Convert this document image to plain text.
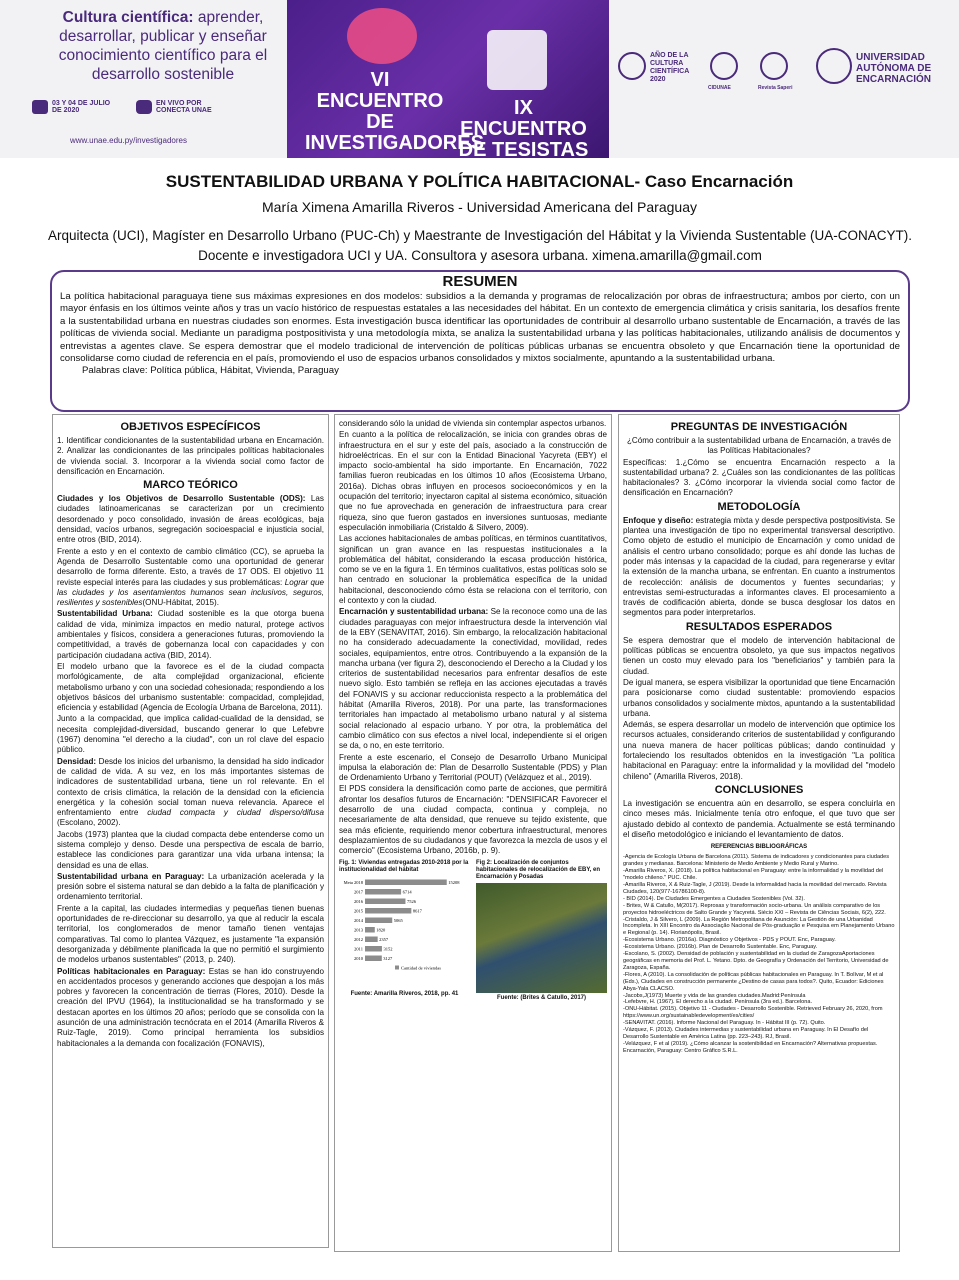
Cultura científica: aprender, desarrollar, publicar y enseñar conocimiento científico para el desarrollo sostenible
03 Y 04 DE JULIO DE 2020
EN VIVO POR CONECTA UNAE
www.unae.edu.py/investigadores
VI ENCUENTRO DE INVESTIGADORES
IX ENCUENTRO DE TESISTAS
AÑO DE LA CULTURA CIENTÍFICA 2020
CIDUNAE	Revista Saperi
UNIVERSIDAD AUTÓNOMA DE ENCARNACIÓN
SUSTENTABILIDAD URBANA Y POLÍTICA HABITACIONAL- Caso Encarnación
María Ximena Amarilla Riveros - Universidad Americana del Paraguay
Arquitecta (UCI), Magíster en Desarrollo Urbano (PUC-Ch) y Maestrante de Investigación del Hábitat y la Vivienda Sustentable (UA-CONACYT). Docente e investigadora UCI y UA. Consultora y asesora urbana. ximena.amarilla@gmail.com
RESUMEN
La política habitacional paraguaya tiene sus máximas expresiones en dos modelos: subsidios a la demanda y programas de relocalización por obras de infraestructura; ambos por cierto, con un mayor énfasis en los últimos veinte años y tras un vacío histórico de respuestas estatales a las necesidades del hábitat. En un contexto de emergencia climática y crisis sanitaria, los desafíos frente a la sustentabilidad urbana en nuestras ciudades son enormes. Esta investigación busca identificar las oportunidades de contribuir al desarrollo urbano sustentable de Encarnación, a través de las políticas de vivienda social. Mediante un paradigma postpositivista y una metodología mixta, se analiza la sustentabilidad urbana y las políticas habitacionales, utilizando análisis de documentos y entrevistas a agentes clave. Se espera demostrar que el modelo tradicional de intervención de políticas públicas urbanas se encuentra obsoleto y que Encarnación tiene la oportunidad de consolidarse como ciudad de referencia en el país, promoviendo el uso de espacios urbanos consolidados y mixtos socialmente, apuntando a la sustentabilidad urbana.
Palabras clave: Política pública, Hábitat, Vivienda, Paraguay
OBJETIVOS ESPECÍFICOS
1. Identificar condicionantes de la sustentabilidad urbana en Encarnación. 2. Analizar las condicionantes de las principales políticas habitacionales de vivienda social. 3. Incorporar a la vivienda social como factor de densificación en Encarnación.
MARCO TEÓRICO
Ciudades y los Objetivos de Desarrollo Sustentable (ODS): Las ciudades latinoamericanas se caracterizan por un crecimiento desordenado y poco consolidado, invasión de áreas ecológicas, baja densidad, vacíos urbanos, segregación socioespacial e injusticia social, entre otros (BID, 2014).
Frente a esto y en el contexto de cambio climático (CC), se aprueba la Agenda de Desarrollo Sustentable como una oportunidad de generar desarrollo de forma diferente. Esto, a través de 17 ODS. El objetivo 11 reviste especial interés para las ciudades y sus problemáticas: Lograr que las ciudades y los asentamientos humanos sean inclusivos, seguros, resilientes y sostenibles(ONU-Hábitat, 2015).
Sustentabilidad Urbana: Ciudad sostenible es la que otorga buena calidad de vida, minimiza impactos en medio natural, protege activos ambientales y físicos, considera a generaciones futuras, promoviendo la competitividad, a través de gobernanza local con capacidades y con participación ciudadana activa (BID, 2014).
El modelo urbano que la favorece es el de la ciudad compacta morfológicamente, de alta complejidad organizacional, eficiente metabolismo urbano y con una sociedad cohesionada; respondiendo a los objetivos básicos del urbanismo sustentable: compacidad, complejidad, eficiencia y estabilidad (Agencia de Ecología Urbana de Barcelona, 2011).
Junto a la compacidad, que implica calidad-cualidad de la densidad, se necesita complejidad-diversidad, buscando generar lo que Lefebvre (1967) denomina "el derecho a la ciudad", con un rol clave del espacio público.
Densidad: Desde los inicios del urbanismo, la densidad ha sido indicador de calidad de vida. A su vez, en los más importantes sistemas de indicadores de sustentabilidad urbana, tiene un rol relevante. En el contexto de crisis climática, la relación de la densidad con la eficiencia energética y la cohesión social toman nueva relevancia. Aparece el enfrentamiento entre ciudad compacta y ciudad disperso/difusa (Escolano, 2002).
Jacobs (1973) plantea que la ciudad compacta debe entenderse como un sistema complejo y denso. Desde una perspectiva de escala de barrio, establece las condiciones para garantizar una vida urbana intensa; la densidad es una de ellas.
Sustentabilidad urbana en Paraguay: La urbanización acelerada y la presión sobre el sistema natural se dan debido a la falta de planificación y ordenamiento territorial.
Frente a la capital, las ciudades intermedias y pequeñas tienen buenas oportunidades de re-direccionar su desarrollo, ya que al reducir la escala territorial, los conglomerados de menor tamaño tienen ventajas comparativas. Tal como lo plantea Vázquez, es justamente "la expansión desorganizada y débilmente planificada la que no permitió el surgimiento de modelos urbanos sustentables" (2013, p. 240).
Políticas habitacionales en Paraguay: Estas se han ido construyendo en accidentados procesos y generando acciones que despojan a los más pobres y favorecen la concentración de tierras (Flores, 2010). Desde la creación del IPVU (1964), la institucionalidad se ha transformado y se destacan aportes en los últimos 20 años; período que se consolida con la asunción de una administración tecnócrata en el 2014 (Amarilla Riveros & Ruiz-Tagle, 2019). Como principal herramienta los subsidios habitacionales a la demanda con focalización (FONAVIS),
considerando sólo la unidad de vivienda sin contemplar aspectos urbanos.
En cuanto a la política de relocalización, se inicia con grandes obras de infraestructura en el sur y este del país, asociado a la construcción de hidroeléctricas. En el sur con la Entidad Binacional Yacyreta (EBY) el impacto socio-ambiental ha sido importante. En Encarnación, 7022 familias fueron reubicadas en los últimos 10 años (Ecosistema Urbano, 2016a). Dichas obras influyen en procesos socioeconómicos y en la ocupación del territorio; inyectaron capital al sistema económico, situación que no fue aprovechada en generación de infraestructura para crear riqueza, sino que fueron gastados en inversiones suntuosas, mediante especulación inmobiliaria (Cristaldo & Silvero, 2009).
Las acciones habitacionales de ambas políticas, en términos cuantitativos, significan un gran avance en las respuestas institucionales a la problemática del hábitat, considerando la escasa producción histórica, como se ve en la figura 1. En términos cualitativos, estas políticas solo se han centrado en solucionar la problemática específica de la unidad habitacional, desconociendo cómo ésta se relaciona con el territorio, con el contexto y con la ciudad.
Encarnación y sustentabilidad urbana: Se la reconoce como una de las ciudades paraguayas con mejor infraestructura desde la intervención vial de la EBY (SENAVITAT, 2016). Sin embargo, la relocalización habitacional no ha considerado adecuadamente la conectividad, movilidad, redes sociales, equipamientos, entre otros. Contribuyendo a la expansión de la mancha urbana (ver figura 2), desconociendo el Derecho a la Ciudad y los criterios de sustentabilidad necesarios para enfrentar desafíos de este nuevo siglo. Esto también se refleja en las acciones ejecutadas a través del FONAVIS y su accionar reduccionista respecto a la problemática del hábitat (Amarilla Riveros, 2018). Por una parte, las transformaciones territoriales han impactado al metabolismo urbano natural y al sistema social relacionado al espacio urbano. Y por otra, la problemática del cambio climático con sus efectos a nivel local, independiente si el origen se da, o no, en este territorio.
Frente a este escenario, el Consejo de Desarrollo Urbano Municipal impulsa la elaboración de: Plan de Desarrollo Sustentable (PDS) y Plan de Ordenamiento Urbano y Territorial (POUT) (Velázquez et al., 2019).
El PDS considera la densificación como parte de acciones, que permitirá afrontar los desafíos futuros de Encarnación: "DENSIFICAR Favorecer el desarrollo de una ciudad compacta, continua y compleja, no necesariamente de alta densidad, que renueve su tejido existente, que sea más eficiente, requiriendo menor cobertura infraestructural, menores desplazamientos de su ciudadanos y que favorezca la mezcla de usos y el comercio" (Ecosistema Urbano, 2016b, p. 9).
Fig. 1: Viviendas entregadas 2010-2018 por la institucionalidad del hábitat
Meta 2018	15208
2017	6714
2016	7526
2015	8617
2014	5065
2013	1820
2012	2357
2011	3152
2010	3127
Cantidad de viviendas
Fuente: Amarilla Riveros, 2018, pp. 41
Fig 2: Localización de conjuntos habitacionales de relocalización de EBY, en Encarnación y Posadas
Fuente: (Brites & Catullo, 2017)
PREGUNTAS DE INVESTIGACIÓN
¿Cómo contribuir a la sustentabilidad urbana de Encarnación, a través de las Políticas Habitacionales?
Específicas: 1.¿Cómo se encuentra Encarnación respecto a la sustentabilidad urbana? 2. ¿Cuáles son las condicionantes de las políticas habitacionales? 3. ¿Cómo incorporar la vivienda social como factor de densificación en Encarnación?
METODOLOGÍA
Enfoque y diseño: estrategia mixta y desde perspectiva postpositivista. Se plantea una investigación de tipo no experimental transversal descriptivo. Como objeto de estudio el municipio de Encarnación y como unidad de análisis el centro urbano consolidado; porque es ahí donde las luchas de poder más intensas y la capacidad de la ciudad, para regenerarse y evitar la extensión de la mancha urbana, se enfrentan. En cuanto a instrumentos de recolección: análisis de documentos y fuentes secundarias; y entrevistas semi-estructuradas a informantes claves. El procesamiento a través de codificación abierta, donde se busca desglosar los datos en segmentos para poder interpretarlos.
RESULTADOS ESPERADOS
Se espera demostrar que el modelo de intervención habitacional de políticas públicas se encuentra obsoleto, ya que sus impactos negativos tienen un costo muy elevado para los "beneficiarios" y también para la ciudad.
De igual manera, se espera visibilizar la oportunidad que tiene Encarnación para posicionarse como ciudad sustentable: promoviendo espacios urbanos consolidados y socialmente mixtos, apuntando a la sustentabilidad urbana.
Además, se espera desarrollar un modelo de intervención que optimice los recursos actuales, considerando criterios de sustentabilidad y configurando una nueva manera de hacer políticas públicas; dando continuidad y fortaleciendo los resultados obtenidos en la investigación "La política habitacional en Paraguay: entre la informalidad y la movilidad del "modelo chileno" (Amarilla Riveros, 2018).
CONCLUSIONES
La investigación se encuentra aún en desarrollo, se espera concluirla en cinco meses más. Inicialmente tenía otro enfoque, el que tuvo que ser ajustado debido al contexto de pandemia. Actualmente se está terminando el diseño metodológico e iniciando el levantamiento de datos.
REFERENCIAS BIBLIOGRÁFICAS
-Agencia de Ecología Urbana de Barcelona (2011). Sistema de indicadores y condicionantes para ciudades grandes y medianas. Barcelona: Ministerio de Medio Ambiente y Medio Rural y Marino.
-Amarilla Riveros, X. (2018). La política habitacional en Paraguay: entre la informalidad y la movilidad del "modelo chileno." PUC. Chile.
-Amarilla Riveros, X & Ruiz-Tagle, J (2019). Desde la informalidad hacia la movilidad del mercado. Revista Ciudades, 120(977-16786100-8).
- BID (2014). De Ciudades Emergentes a Ciudades Sostenibles (Vol. 32).
- Brites, W & Catullo, M(2017). Reprosas y transformación socio-urbana. Un análisis comparativo de los proyectos hidroeléctricos de Salto Grande y Yacyretá. Siécio XXI – Revista de Ciências Sociais, 6(2), 222.
-Cristaldo, J & Silvero, L (2009). La Región Metropolitana de Asunción: La Gestión de una Urbanidad Incompleta. In XIII Encontro da Associação Nacional de Pós-graduação e Pesquisa em Planejamento Urbano e Regional (p. 14). Florianópolis, Brasil.
-Ecosistema Urbano. (2016a). Diagnóstico y Objetivos - PDS y POUT. Enc, Paraguay.
-Ecosistema Urbano. (2016b). Plan de Desarrollo Sustentable. Enc, Paraguay.
-Escolano, S. (2002). Densidad de población y sustentabilidad en la ciudad de ZaragozaAportaciones geográficas en memoria del Prof. L. Yetano. Dpto. de Geografía y Ordenación del Territorio, Universidad de Zaragoza, España.
-Flores, A (2010). La consolidación de políticas públicas habitacionales en Paraguay. In T. Bolívar, M et al (Eds.), Ciudades en construcción permanente ¿Destino de casas para todos?. Quito, Ecuador: Ediciones Abya-Yala CLACSO.
-Jacobs,J(1973) Muerte y vida de las grandes ciudades.Madrid:Península
-Lefebvre, H. (1967). El derecho a la ciudad. Península (3ra ed.). Barcelona.
-ONU-Hábitat. (2015). Objetivo 11 - Ciudades - Desarrollo Sostenible. Retrieved February 26, 2020, from https://www.un.org/sustainabledevelopment/es/cities/
-SENAVITAT. (2016). Informe Nacional del Paraguay. In - Hábitat III (p. 72). Quito.
-Vázquez, F. (2013). Ciudades intermedias y sustentabilidad urbana en Paraguay. In El Desafío del Desarrollo Sustentable en América Latina (pp. 223–243). RJ, Brasil.
-Velázquez, F et al (2019). ¿Cómo alcanzar la sostenibilidad en Encarnación? Alternativas propuestas. Encarnación, Paraguay: Centro Gráfico S.R.L.
